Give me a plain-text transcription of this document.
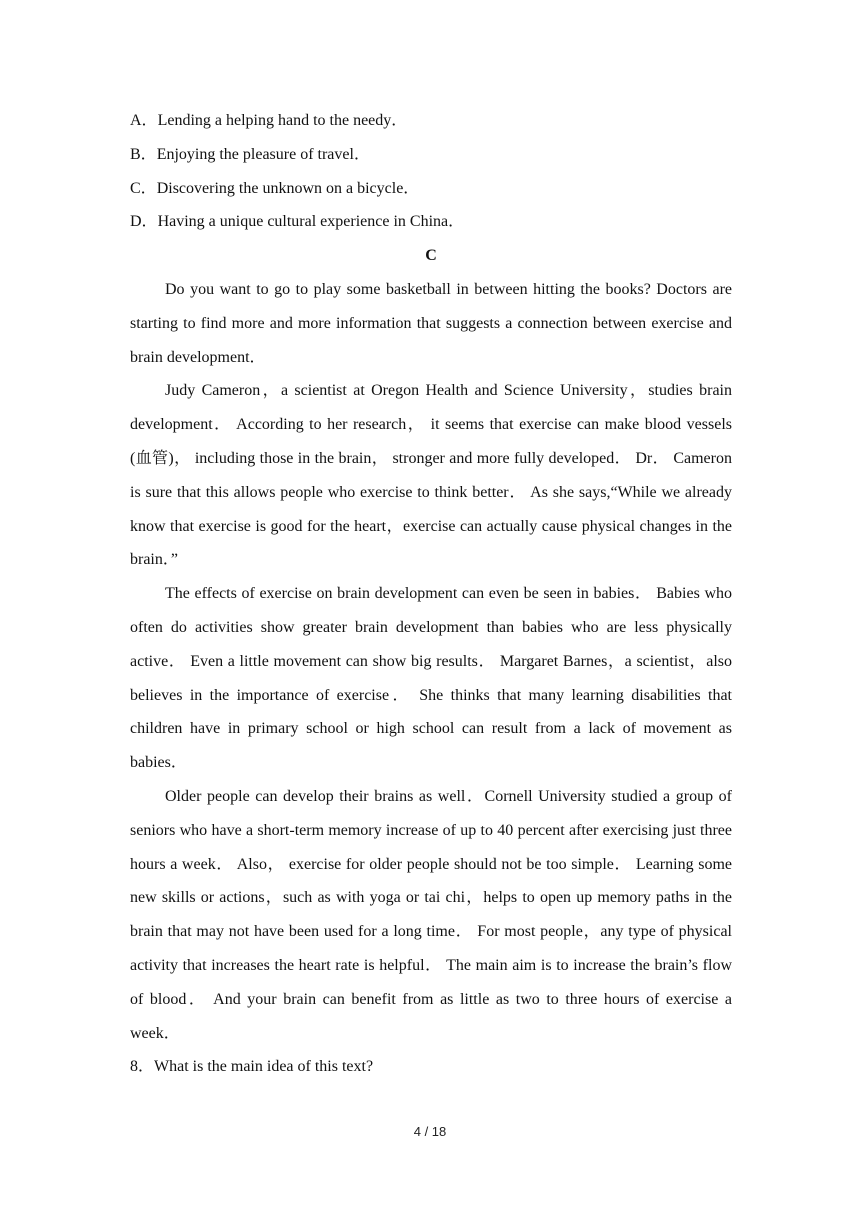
A．Lending a helping hand to the needy．

B．Enjoying the pleasure of travel．

C．Discovering the unknown on a bicycle．

D．Having a unique cultural experience in China．

C

Do you want to go to play some basketball in between hitting the books? Doctors are starting to find more and more information that suggests a connection between exercise and brain development．

Judy Cameron，a scientist at Oregon Health and Science University，studies brain development． According to her research， it seems that exercise can make blood vessels (血管)， including those in the brain， stronger and more fully developed． Dr． Cameron is sure that this allows people who exercise to think better． As she says,“While we already know that exercise is good for the heart，exercise can actually cause physical changes in the brain．”

The effects of exercise on brain development can even be seen in babies． Babies who often do activities show greater brain development than babies who are less physically active． Even a little movement can show big results． Margaret Barnes，a scientist，also believes in the importance of exercise． She thinks that many learning disabilities that children have in primary school or high school can result from a lack of movement as babies．

Older people can develop their brains as well．Cornell University studied a group of seniors who have a short-term memory increase of up to 40 percent after exercising just three hours a week． Also， exercise for older people should not be too simple． Learning some new skills or actions，such as with yoga or tai chi，helps to open up memory paths in the brain that may not have been used for a long time． For most people，any type of physical activity that increases the heart rate is helpful． The main aim is to increase the brain’s flow of blood． And your brain can benefit from as little as two to three hours of exercise a week．

8．What is the main idea of this text?

4 / 18
